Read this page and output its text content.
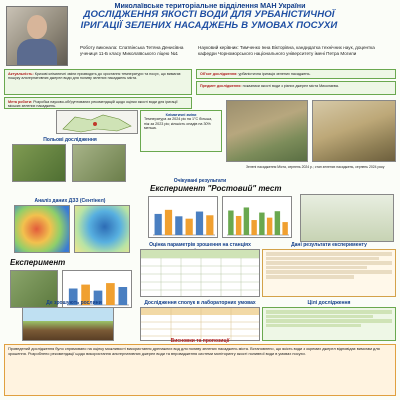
Миколаївське територіальне відділення МАН України
ДОСЛІДЖЕННЯ ЯКОСТІ ВОДИ ДЛЯ УРБАНІСТИЧНОЇ ІРИГАЦІЇ ЗЕЛЕНИХ НАСАДЖЕНЬ В УМОВАХ ПОСУХИ
Роботу виконала: Слатвінська Тетяна Денисівна учениця 11-Б класу Миколаївського ліцею №1
Науковий керівник: Тимченко Інна Вікторівна, кандидатка технічних наук, доцентка кафедри Чорноморського національного університету імені Петра Могили
Актуальність: Кризові кліматичні зміни призводять до зростання температури та посух, що вимагає пошуку альтернативних джерел води для поливу зелених насаджень міста.
Об'єкт дослідження: урбаністична іригація зелених насаджень.
Предмет дослідження: показники якості води з різних джерел міста Миколаєва.
Мета роботи: Розробка науково-обґрунтованих рекомендацій щодо оцінки якості води для іригації міських зелених насаджень.
Кліматичні зміни
Температура за 2024 рік на 1°С більша, ніж за 2023 рік; кількість опадів на 30% менша.
Зелені насадження Міста, серпень 2024 р.; стан зелених насаджень, серпень 2024 року
Польові дослідження
Очікувані результати
Експеримент "Ростовий" тест
Аналіз даних ДЗЗ (Сентінел)
Оцінка параметрів зрошення на станціях	Дані результати експерименту
Експеримент
Де зрошують рослини	Дослідження сполук в лабораторних умовах	Цілі дослідження
Висновки та пропозиції
Проведений дослідження було спрямовано на оцінку можливості використання дренажних вод для поливу зелених насаджень міста. Встановлено, що якість води з окремих джерел відповідає вимогам для зрошення. Розроблено рекомендації щодо використання альтернативних джерел води та впровадження системи моніторингу якості поливної води в умовах посухи.
